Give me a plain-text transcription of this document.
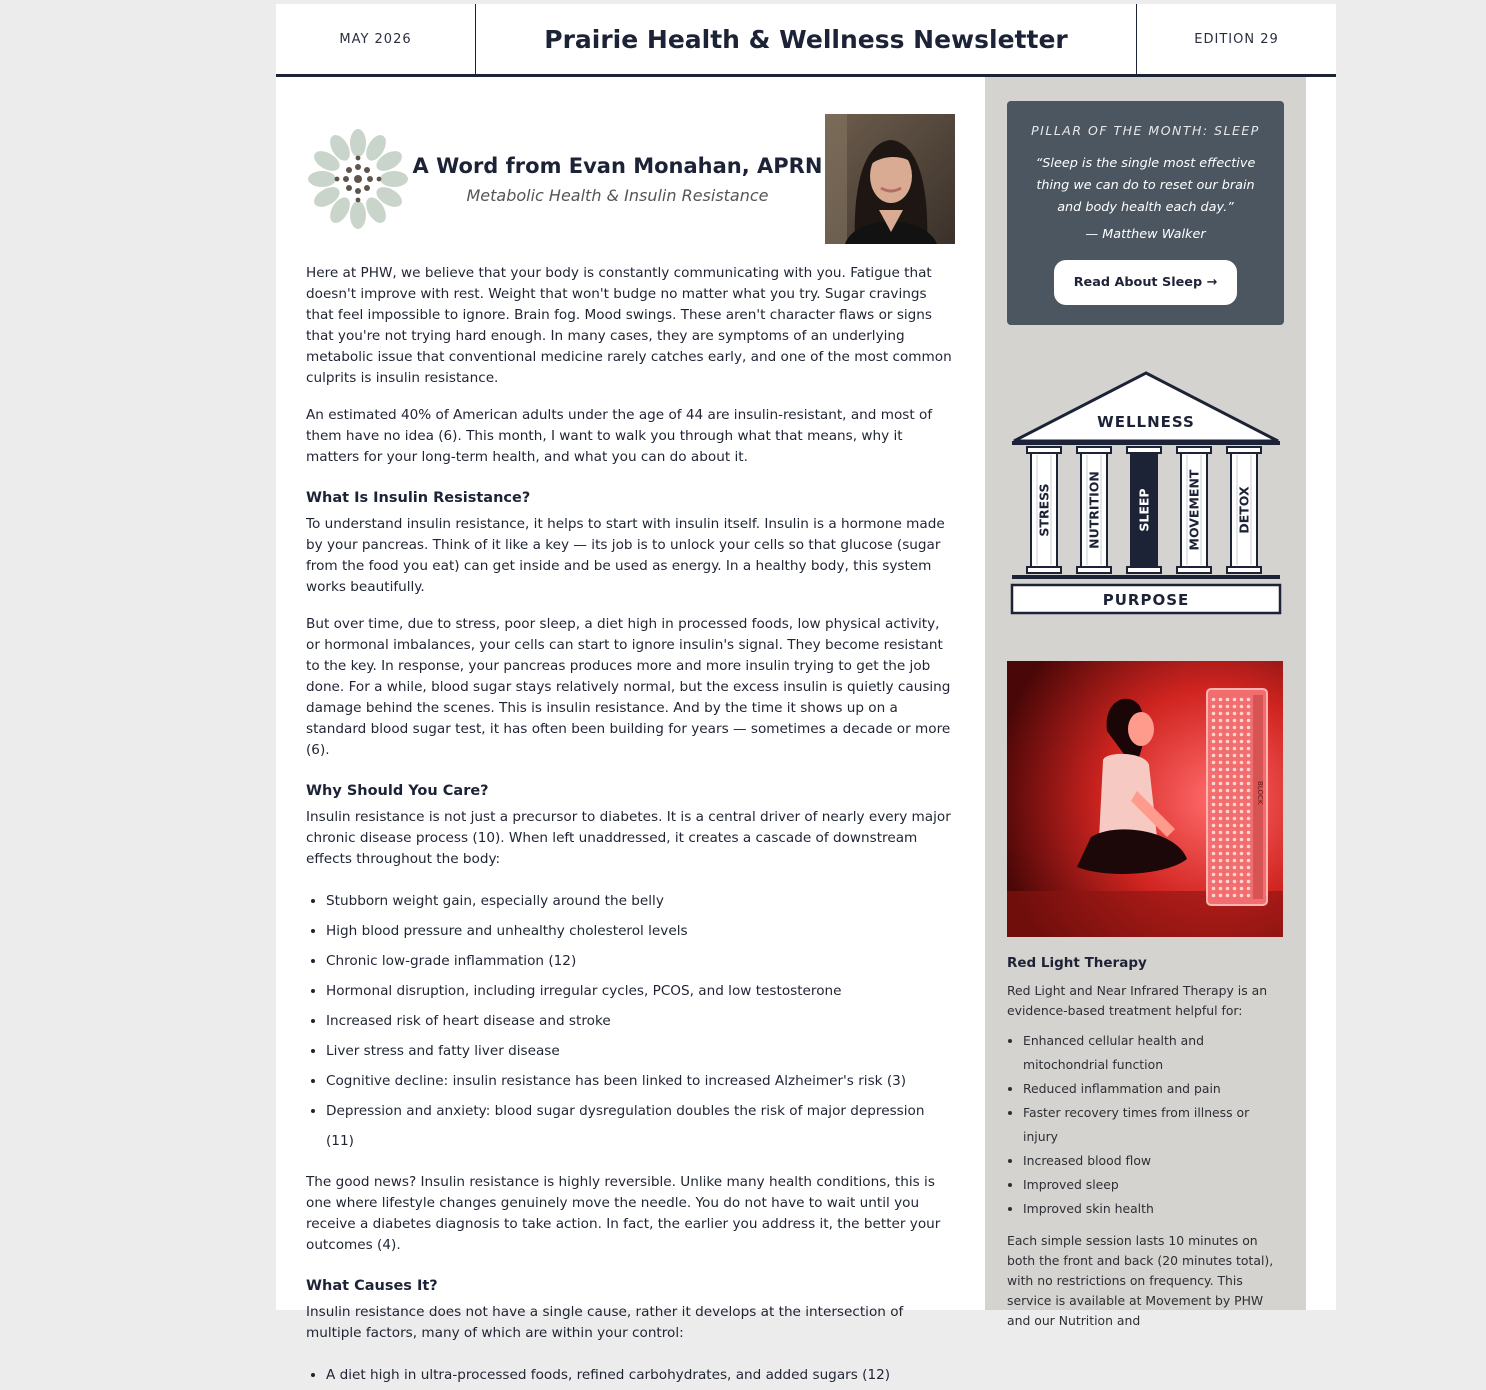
MAY 2026	Prairie Health & Wellness Newsletter	EDITION 29
A Word from Evan Monahan, APRN
Metabolic Health & Insulin Resistance

Here at PHW, we believe that your body is constantly communicating with you. Fatigue that doesn't improve with rest. Weight that won't budge no matter what you try. Sugar cravings that feel impossible to ignore. Brain fog. Mood swings. These aren't character flaws or signs that you're not trying hard enough. In many cases, they are symptoms of an underlying metabolic issue that conventional medicine rarely catches early, and one of the most common culprits is insulin resistance.

An estimated 40% of American adults under the age of 44 are insulin-resistant, and most of them have no idea (6). This month, I want to walk you through what that means, why it matters for your long-term health, and what you can do about it.

What Is Insulin Resistance?

To understand insulin resistance, it helps to start with insulin itself. Insulin is a hormone made by your pancreas. Think of it like a key — its job is to unlock your cells so that glucose (sugar from the food you eat) can get inside and be used as energy. In a healthy body, this system works beautifully.

But over time, due to stress, poor sleep, a diet high in processed foods, low physical activity, or hormonal imbalances, your cells can start to ignore insulin's signal. They become resistant to the key. In response, your pancreas produces more and more insulin trying to get the job done. For a while, blood sugar stays relatively normal, but the excess insulin is quietly causing damage behind the scenes. This is insulin resistance. And by the time it shows up on a standard blood sugar test, it has often been building for years — sometimes a decade or more (6).

Why Should You Care?

Insulin resistance is not just a precursor to diabetes. It is a central driver of nearly every major chronic disease process (10). When left unaddressed, it creates a cascade of downstream effects throughout the body:

• Stubborn weight gain, especially around the belly
• High blood pressure and unhealthy cholesterol levels
• Chronic low-grade inflammation (12)
• Hormonal disruption, including irregular cycles, PCOS, and low testosterone
• Increased risk of heart disease and stroke
• Liver stress and fatty liver disease
• Cognitive decline: insulin resistance has been linked to increased Alzheimer's risk (3)
• Depression and anxiety: blood sugar dysregulation doubles the risk of major depression (11)

The good news? Insulin resistance is highly reversible. Unlike many health conditions, this is one where lifestyle changes genuinely move the needle. You do not have to wait until you receive a diabetes diagnosis to take action. In fact, the earlier you address it, the better your outcomes (4).

What Causes It?

Insulin resistance does not have a single cause, rather it develops at the intersection of multiple factors, many of which are within your control:

• A diet high in ultra-processed foods, refined carbohydrates, and added sugars (12)
PILLAR OF THE MONTH: SLEEP
“Sleep is the single most effective thing we can do to reset our brain and body health each day.”
— Matthew Walker
Read About Sleep →
WELLNESS
STRESS	NUTRITION	SLEEP	MOVEMENT	DETOX
PURPOSE
BLOCK
Red Light Therapy

Red Light and Near Infrared Therapy is an evidence-based treatment helpful for:

• Enhanced cellular health and mitochondrial function
• Reduced inflammation and pain
• Faster recovery times from illness or injury
• Increased blood flow
• Improved sleep
• Improved skin health

Each simple session lasts 10 minutes on both the front and back (20 minutes total), with no restrictions on frequency. This service is available at Movement by PHW and our Nutrition and
